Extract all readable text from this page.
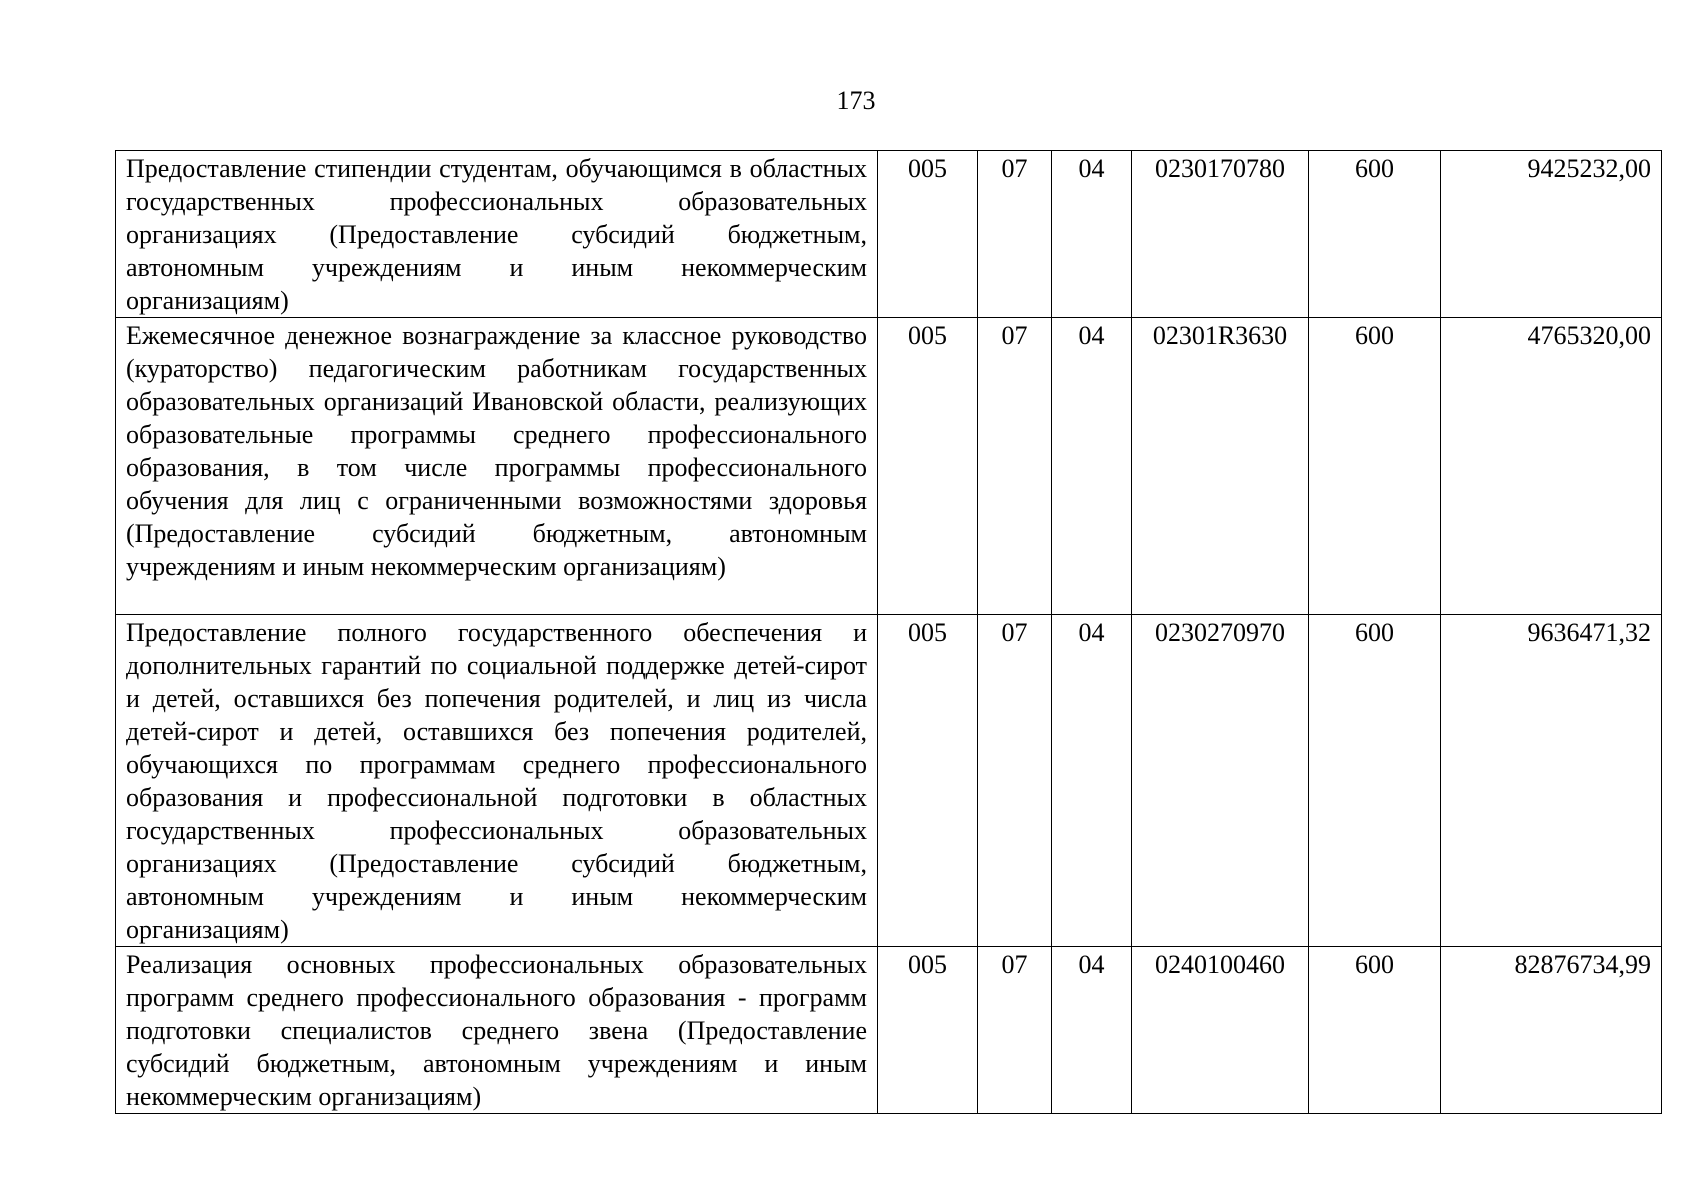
173
Предоставление стипендии студентам, обучающимся в областных государственных профессиональных образовательных организациях (Предоставление субсидий бюджетным, автономным учреждениям и иным некоммерческим организациям)	005	07	04	0230170780	600	9425232,00
Ежемесячное денежное вознаграждение за классное руководство (кураторство) педагогическим работникам государственных образовательных организаций Ивановской области, реализующих образовательные программы среднего профессионального образования, в том числе программы профессионального обучения для лиц с ограниченными возможностями здоровья (Предоставление субсидий бюджетным, автономным учреждениям и иным некоммерческим организациям)	005	07	04	02301R3630	600	4765320,00
Предоставление полного государственного обеспечения и дополнительных гарантий по социальной поддержке детей-сирот и детей, оставшихся без попечения родителей, и лиц из числа детей-сирот и детей, оставшихся без попечения родителей, обучающихся по программам среднего профессионального образования и профессиональной подготовки в областных государственных профессиональных образовательных организациях (Предоставление субсидий бюджетным, автономным учреждениям и иным некоммерческим организациям)	005	07	04	0230270970	600	9636471,32
Реализация основных профессиональных образовательных программ среднего профессионального образования - программ подготовки специалистов среднего звена (Предоставление субсидий бюджетным, автономным учреждениям и иным некоммерческим организациям)	005	07	04	0240100460	600	82876734,99
